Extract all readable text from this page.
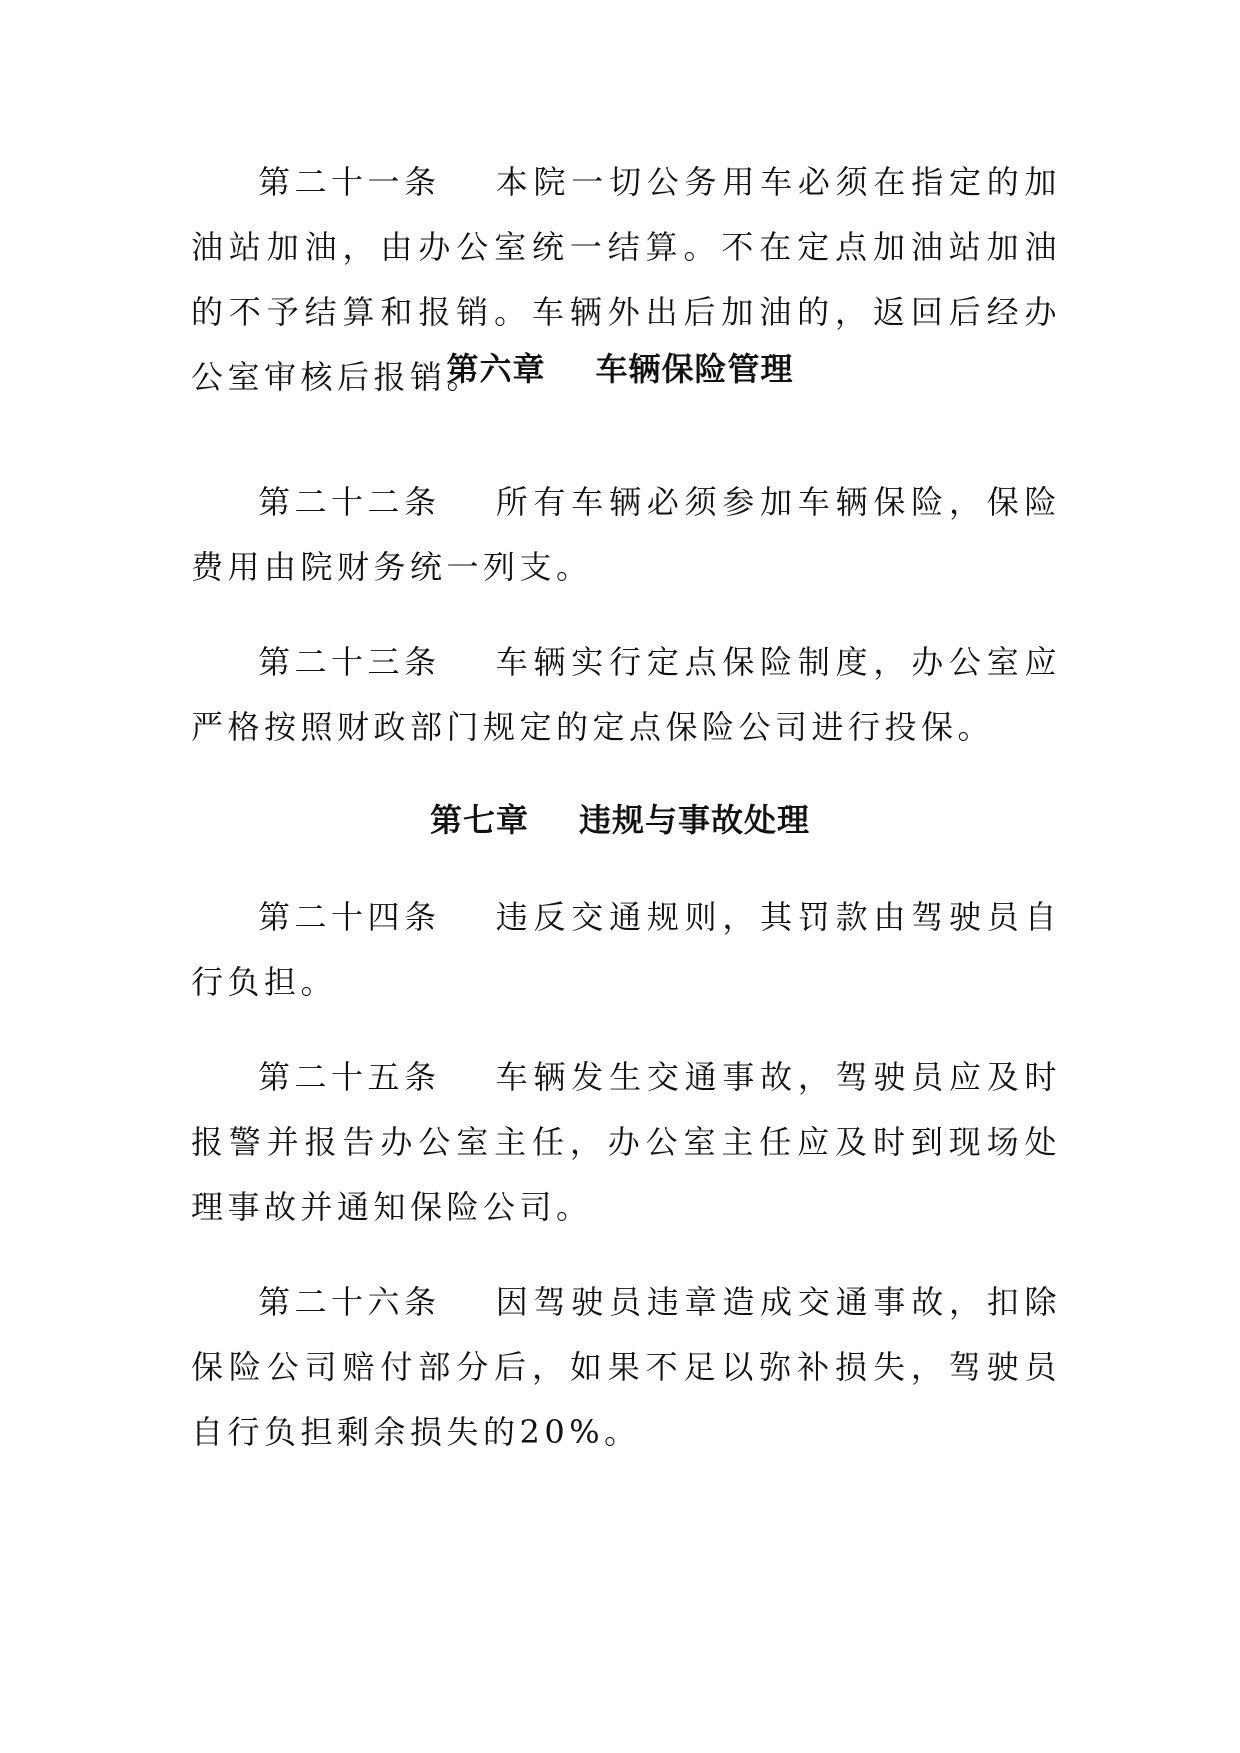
第二十一条 本院一切公务用车必须在指定的加油站加油，由办公室统一结算。不在定点加油站加油的不予结算和报销。车辆外出后加油的，返回后经办公室审核后报销。

第六章 车辆保险管理

第二十二条 所有车辆必须参加车辆保险，保险费用由院财务统一列支。

第二十三条 车辆实行定点保险制度，办公室应严格按照财政部门规定的定点保险公司进行投保。

第七章 违规与事故处理

第二十四条 违反交通规则，其罚款由驾驶员自行负担。

第二十五条 车辆发生交通事故，驾驶员应及时报警并报告办公室主任，办公室主任应及时到现场处理事故并通知保险公司。

第二十六条 因驾驶员违章造成交通事故，扣除保险公司赔付部分后，如果不足以弥补损失，驾驶员自行负担剩余损失的20%。
